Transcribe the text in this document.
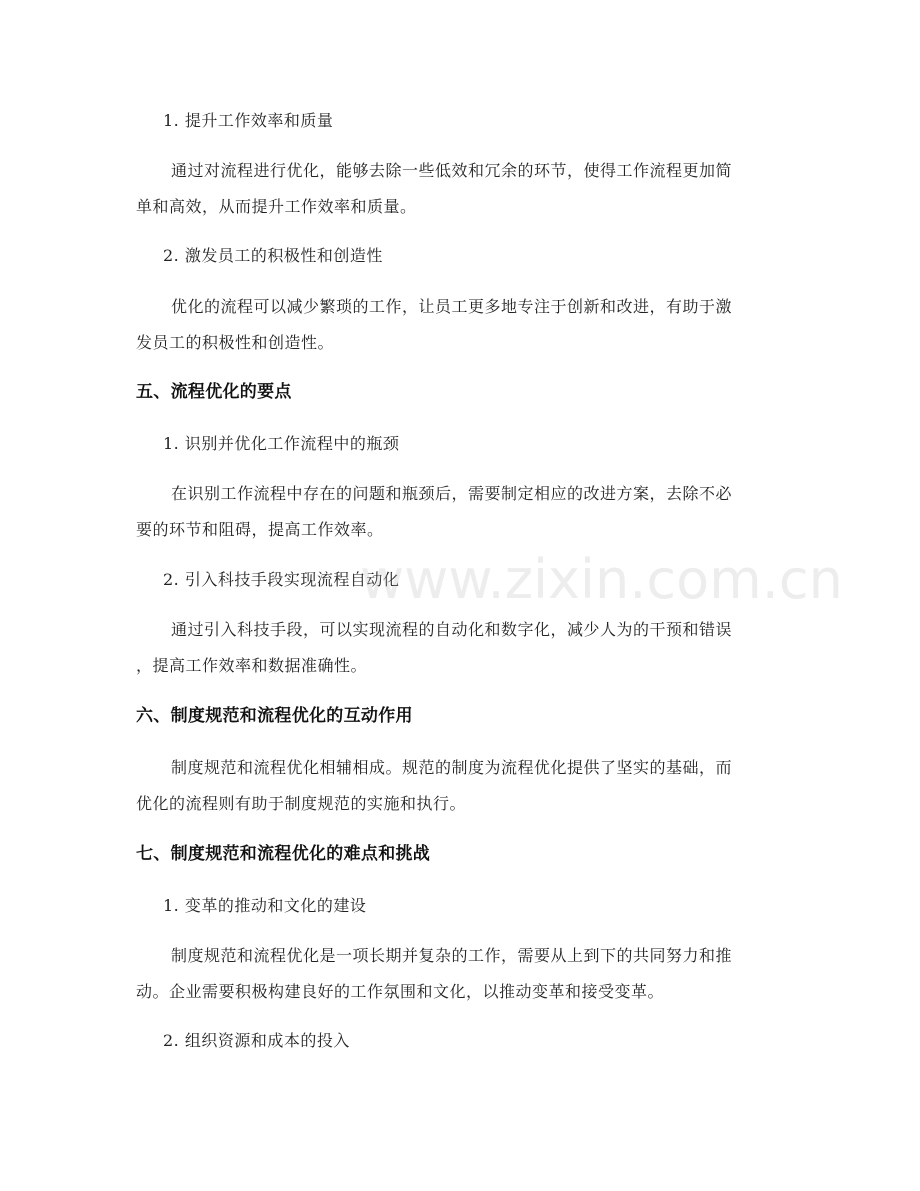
1. 提升工作效率和质量
通过对流程进行优化，能够去除一些低效和冗余的环节，使得工作流程更加简
单和高效，从而提升工作效率和质量。
2. 激发员工的积极性和创造性
优化的流程可以减少繁琐的工作，让员工更多地专注于创新和改进，有助于激
发员工的积极性和创造性。
五、流程优化的要点
1. 识别并优化工作流程中的瓶颈
在识别工作流程中存在的问题和瓶颈后，需要制定相应的改进方案，去除不必
要的环节和阻碍，提高工作效率。
2. 引入科技手段实现流程自动化
通过引入科技手段，可以实现流程的自动化和数字化，减少人为的干预和错误
，提高工作效率和数据准确性。
六、制度规范和流程优化的互动作用
制度规范和流程优化相辅相成。规范的制度为流程优化提供了坚实的基础，而
优化的流程则有助于制度规范的实施和执行。
七、制度规范和流程优化的难点和挑战
1. 变革的推动和文化的建设
制度规范和流程优化是一项长期并复杂的工作，需要从上到下的共同努力和推
动。企业需要积极构建良好的工作氛围和文化，以推动变革和接受变革。
2. 组织资源和成本的投入
www.zixin.com.cn
